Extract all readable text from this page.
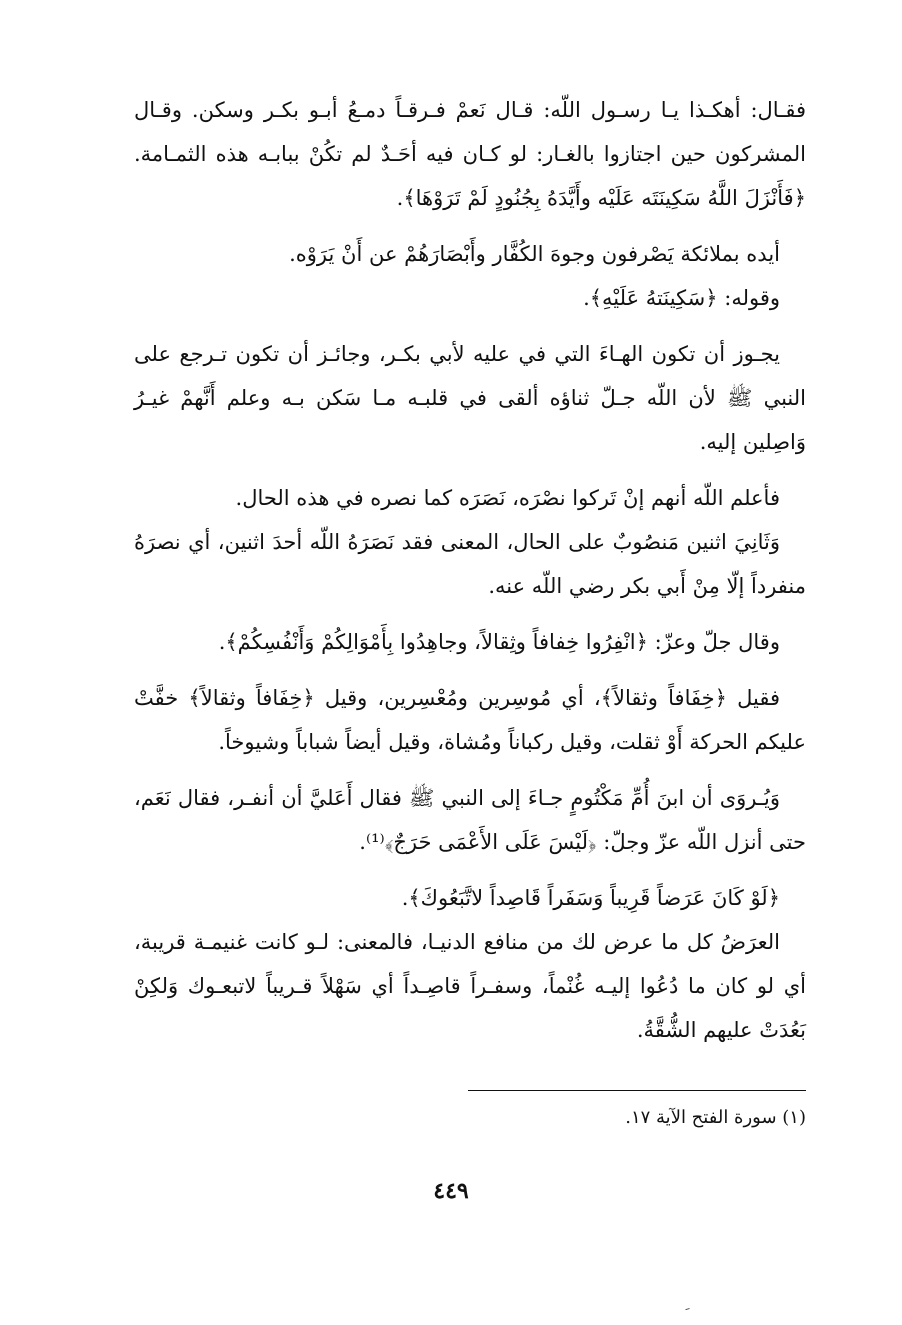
فقـال: أهكـذا يـا رسـول اللّه: قـال نَعمْ فـرقـاً دمـعُ أبـو بكـر وسكن. وقـال المشركون حين اجتازوا بالغـار: لو كـان فيه أحَـدٌ لم تكُنْ ببابـه هذه الثمـامة. ﴿فَأَنْزَلَ اللَّهُ سَكِينَتَه عَلَيْه وأَيَّدَهُ بِجُنُودٍ لَمْ تَرَوْهَا﴾.

أيده بملائكة يَصْرفون وجوهَ الكُفَّار وأَبْصَارَهُمْ عن أَنْ يَرَوْه.

وقوله: ﴿سَكِينَتهُ عَلَيْهِ﴾.

يجـوز أن تكون الهـاءَ التي في عليه لأبي بكـر، وجائـز أن تكون تـرجع على النبي ﷺ لأن اللّه جـلّ ثناؤه ألقى في قلبـه مـا سَكن بـه وعلم أَنَّهمْ غيـرُ وَاصِلين إليه.

فأعلم اللّه أنهم إنْ تَركوا نصْرَه، نَصَرَه كما نصره في هذه الحال.

وَثَانِيَ اثنين مَنصُوبٌ على الحال، المعنى فقد نَصَرَهُ اللّه أحدَ اثنين، أي نصرَهُ منفرداً إلّا مِنْ أَبي بكر رضي اللّه عنه.

وقال جلّ وعزّ: ﴿انْفِرُوا خِفافاً وثِقالاً، وجاهِدُوا بِأَمْوَالِكُمْ وَأَنْفُسِكُمْ﴾.

فقيل ﴿خِفَافاً وثقالاً﴾، أي مُوسِرين ومُعْسِرين، وقيل ﴿خِفَافاً وثقالاً﴾ خفَّتْ عليكم الحركة أَوْ ثقلت، وقيل ركباناً ومُشاة، وقيل أيضاً شباباً وشيوخاً.

وَيُـروَى أن ابنَ أُمِّ مَكْتُومٍ جـاءَ إلى النبي ﷺ فقال أَعَليَّ أن أنفـر، فقال نَعَم، حتى أنزل اللّه عزّ وجلّ: ﴿لَيْسَ عَلَى الأَعْمَى حَرَجٌ﴾⁽¹⁾.

﴿لَوْ كَانَ عَرَضاً قَرِيباً وَسَفَراً قَاصِداً لاتَّبَعُوكَ﴾.

العرَضُ كل ما عرض لك من منافع الدنيـا، فالمعنى: لـو كانت غنيمـة قريبة، أي لو كان ما دُعُوا إليـه غُنْماً، وسفـراً قاصِـداً أي سَهْلاً قـريباً لاتبعـوك وَلكِنْ بَعُدَتْ عليهم الشُّقَّةُ.

(١) سورة الفتح الآية ١٧.
٤٤٩
